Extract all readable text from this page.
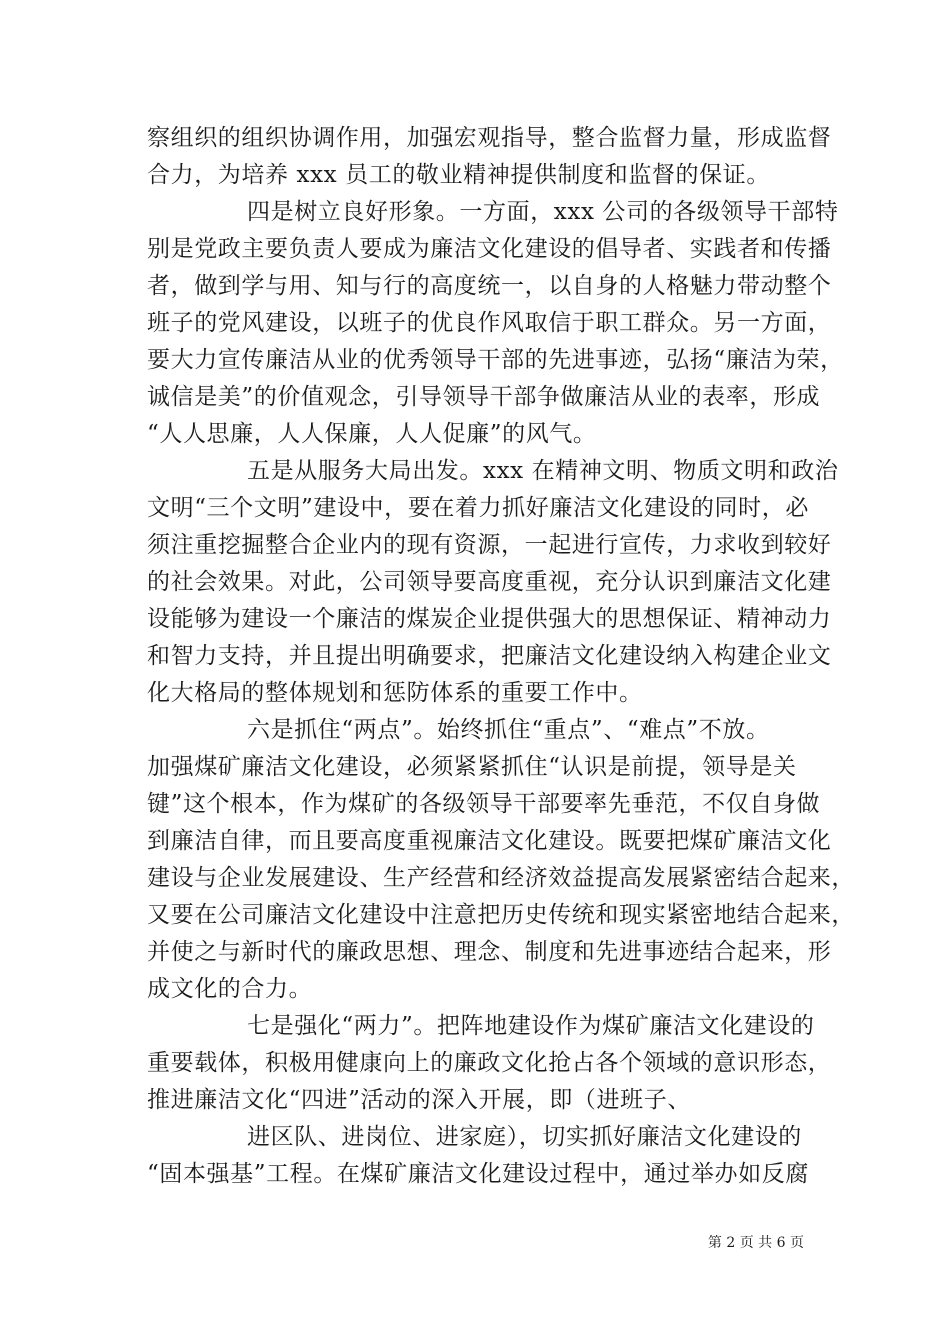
察组织的组织协调作用，加强宏观指导，整合监督力量，形成监督
合力，为培养 xxx 员工的敬业精神提供制度和监督的保证。
四是树立良好形象。一方面，xxx 公司的各级领导干部特
别是党政主要负责人要成为廉洁文化建设的倡导者、实践者和传播
者，做到学与用、知与行的高度统一，以自身的人格魅力带动整个
班子的党风建设，以班子的优良作风取信于职工群众。另一方面，
要大力宣传廉洁从业的优秀领导干部的先进事迹，弘扬“廉洁为荣，
诚信是美”的价值观念，引导领导干部争做廉洁从业的表率，形成
“人人思廉，人人保廉，人人促廉”的风气。
五是从服务大局出发。xxx 在精神文明、物质文明和政治
文明“三个文明”建设中，要在着力抓好廉洁文化建设的同时，必
须注重挖掘整合企业内的现有资源，一起进行宣传，力求收到较好
的社会效果。对此，公司领导要高度重视，充分认识到廉洁文化建
设能够为建设一个廉洁的煤炭企业提供强大的思想保证、精神动力
和智力支持，并且提出明确要求，把廉洁文化建设纳入构建企业文
化大格局的整体规划和惩防体系的重要工作中。
六是抓住“两点”。始终抓住“重点”、“难点”不放。
加强煤矿廉洁文化建设，必须紧紧抓住“认识是前提，领导是关
键”这个根本，作为煤矿的各级领导干部要率先垂范，不仅自身做
到廉洁自律，而且要高度重视廉洁文化建设。既要把煤矿廉洁文化
建设与企业发展建设、生产经营和经济效益提高发展紧密结合起来，
又要在公司廉洁文化建设中注意把历史传统和现实紧密地结合起来，
并使之与新时代的廉政思想、理念、制度和先进事迹结合起来，形
成文化的合力。
七是强化“两力”。把阵地建设作为煤矿廉洁文化建设的
重要载体，积极用健康向上的廉政文化抢占各个领域的意识形态，
推进廉洁文化“四进”活动的深入开展，即（进班子、
进区队、进岗位、进家庭），切实抓好廉洁文化建设的
“固本强基”工程。在煤矿廉洁文化建设过程中，通过举办如反腐
第 2 页 共 6 页
